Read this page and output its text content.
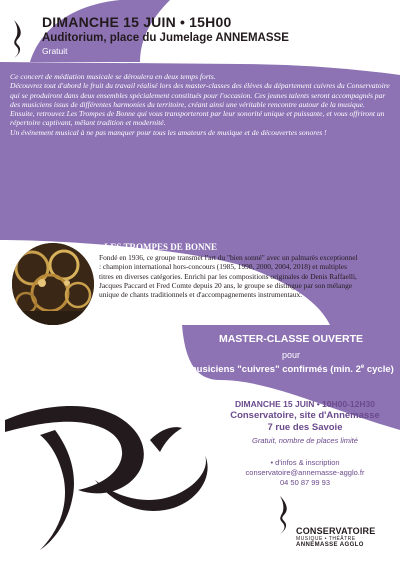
DIMANCHE 15 JUIN • 15H00
Auditorium, place du Jumelage ANNEMASSE
Gratuit

Ce concert de médiation musicale se déroulera en deux temps forts.

Découvrez tout d'abord le fruit du travail réalisé lors des master-classes des élèves du département cuivres du Conservatoire qui se produiront dans deux ensembles spécialement constitués pour l'occasion. Ces jeunes talents seront accompagnés par des musiciens issus de différentes harmonies du territoire, créant ainsi une véritable rencontre autour de la musique.

Ensuite, retrouvez Les Trompes de Bonne qui vous transporteront par leur sonorité unique et puissante, et vous offriront un répertoire captivant, mêlant tradition et modernité.

Un événement musical à ne pas manquer pour tous les amateurs de musique et de découvertes sonores !

• LES TROMPES DE BONNE

Fondé en 1936, ce groupe transmet l'art du "bien sonné" avec un palmarès exceptionnel : champion international hors-concours (1985, 1998, 2000, 2004, 2018) et multiples titres en diverses catégories. Enrichi par les compositions originales de Denis Raffaelli, Jacques Paccard et Fred Comte depuis 20 ans, le groupe se distingue par son mélange unique de chants traditionnels et d'accompagnements instrumentaux.

MASTER-CLASSE OUVERTE
pour
musiciens "cuivres" confirmés (min. 2e cycle)
DIMANCHE 15 JUIN • 10H00-12H30
Conservatoire, site d'Annemasse
7 rue des Savoie
Gratuit, nombre de places limité
• d'infos & inscription
conservatoire@annemasse-agglo.fr
04 50 87 99 93
CONSERVATOIRE
MUSIQUE • THÉÂTRE
ANNEMASSE AGGLO
